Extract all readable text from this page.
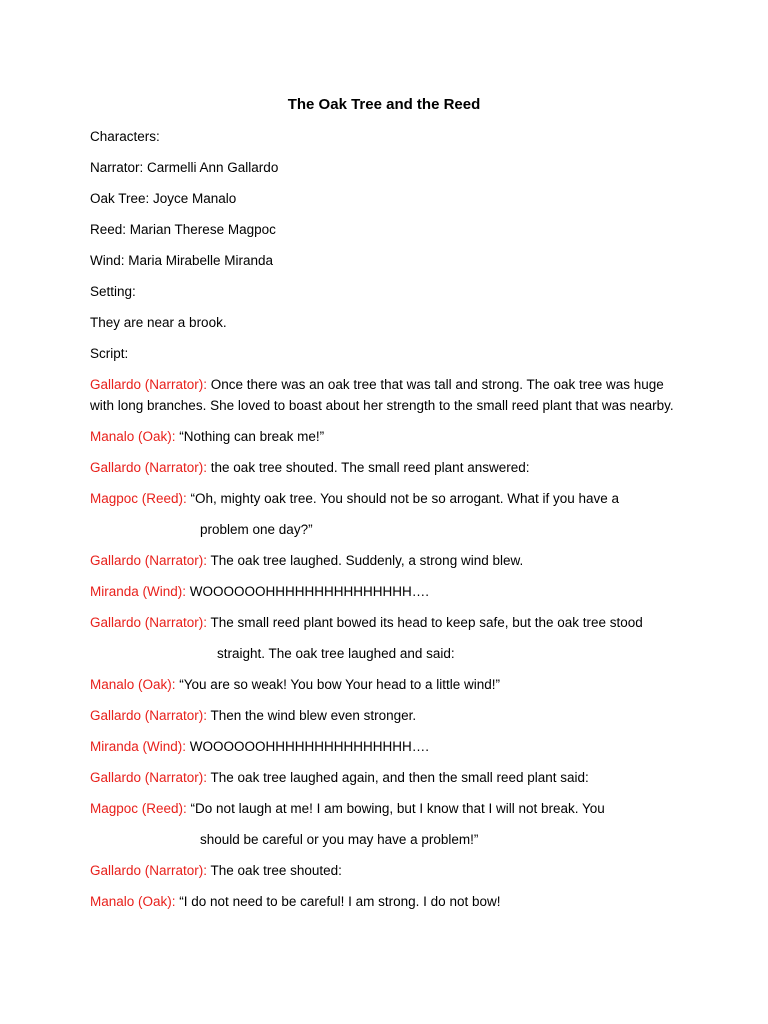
The Oak Tree and the Reed

Characters:

Narrator: Carmelli Ann Gallardo

Oak Tree: Joyce Manalo

Reed: Marian Therese Magpoc

Wind: Maria Mirabelle Miranda

Setting:

They are near a brook.

Script:

Gallardo (Narrator): Once there was an oak tree that was tall and strong. The oak tree was huge with long branches. She loved to boast about her strength to the small reed plant that was nearby.

Manalo (Oak): “Nothing can break me!”

Gallardo (Narrator): the oak tree shouted. The small reed plant answered:

Magpoc (Reed): “Oh, mighty oak tree. You should not be so arrogant. What if you have a

problem one day?”

Gallardo (Narrator): The oak tree laughed. Suddenly, a strong wind blew.

Miranda (Wind): WOOOOOOHHHHHHHHHHHHHHH….

Gallardo (Narrator): The small reed plant bowed its head to keep safe, but the oak tree stood

straight. The oak tree laughed and said:

Manalo (Oak): “You are so weak! You bow Your head to a little wind!”

Gallardo (Narrator): Then the wind blew even stronger.

Miranda (Wind): WOOOOOOHHHHHHHHHHHHHHH….

Gallardo (Narrator): The oak tree laughed again, and then the small reed plant said:

Magpoc (Reed): “Do not laugh at me! I am bowing, but I know that I will not break. You

should be careful or you may have a problem!”

Gallardo (Narrator): The oak tree shouted:

Manalo (Oak): “I do not need to be careful! I am strong. I do not bow!
